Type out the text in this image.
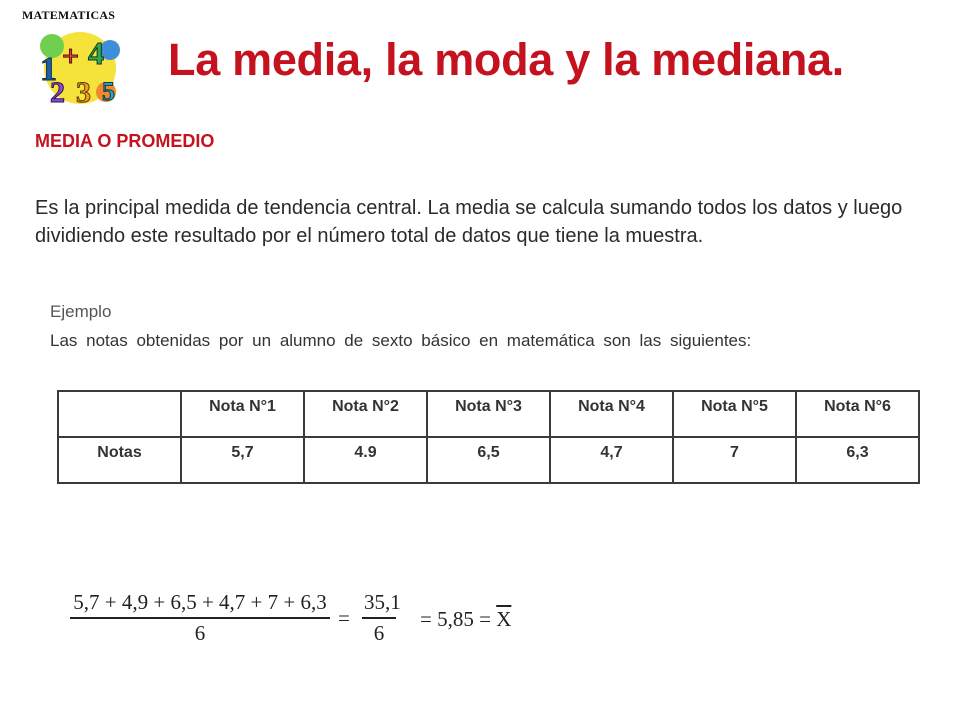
MATEMATICAS
1 + 4
2 3 5
La media, la moda y la mediana.
MEDIA O PROMEDIO
Es la principal medida de tendencia central. La media se calcula sumando todos los datos y luego dividiendo este resultado por el número total de datos que tiene la muestra.
Ejemplo
Las notas obtenidas por un alumno de sexto básico en matemática son las siguientes:
	Nota N°1	Nota N°2	Nota N°3	Nota N°4	Nota N°5	Nota N°6
Notas	5,7	4.9	6,5	4,7	7	6,3
$\frac{5,7 + 4,9 + 6,5 + 4,7 + 7 + 6,3}{6} = \frac{35,1}{6} = 5,85 = \overline{X}$
